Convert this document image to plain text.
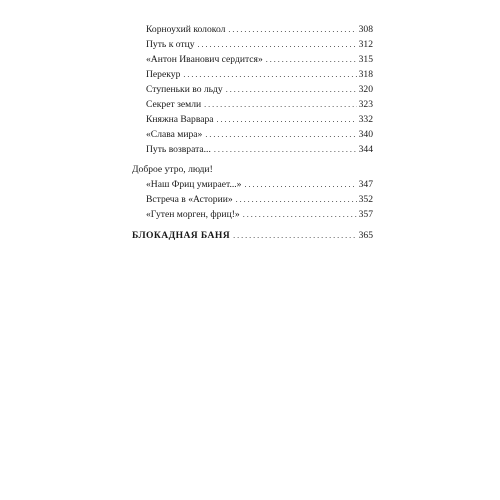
Корноухий колокол . . .	308
Путь к отцу . . .	312
«Антон Иванович сердится» . . .	315
Перекур . . .	318
Ступеньки во льду . . .	320
Секрет земли . . .	323
Княжна Варвара . . .	332
«Слава мира» . . .	340
Путь возврата... . . .	344
Доброе утро, люди!
«Наш Фриц умирает...» . . .	347
Встреча в «Астории» . . .	352
«Гутен морген, фриц!» . . .	357
БЛОКАДНАЯ БАНЯ . . .	365
